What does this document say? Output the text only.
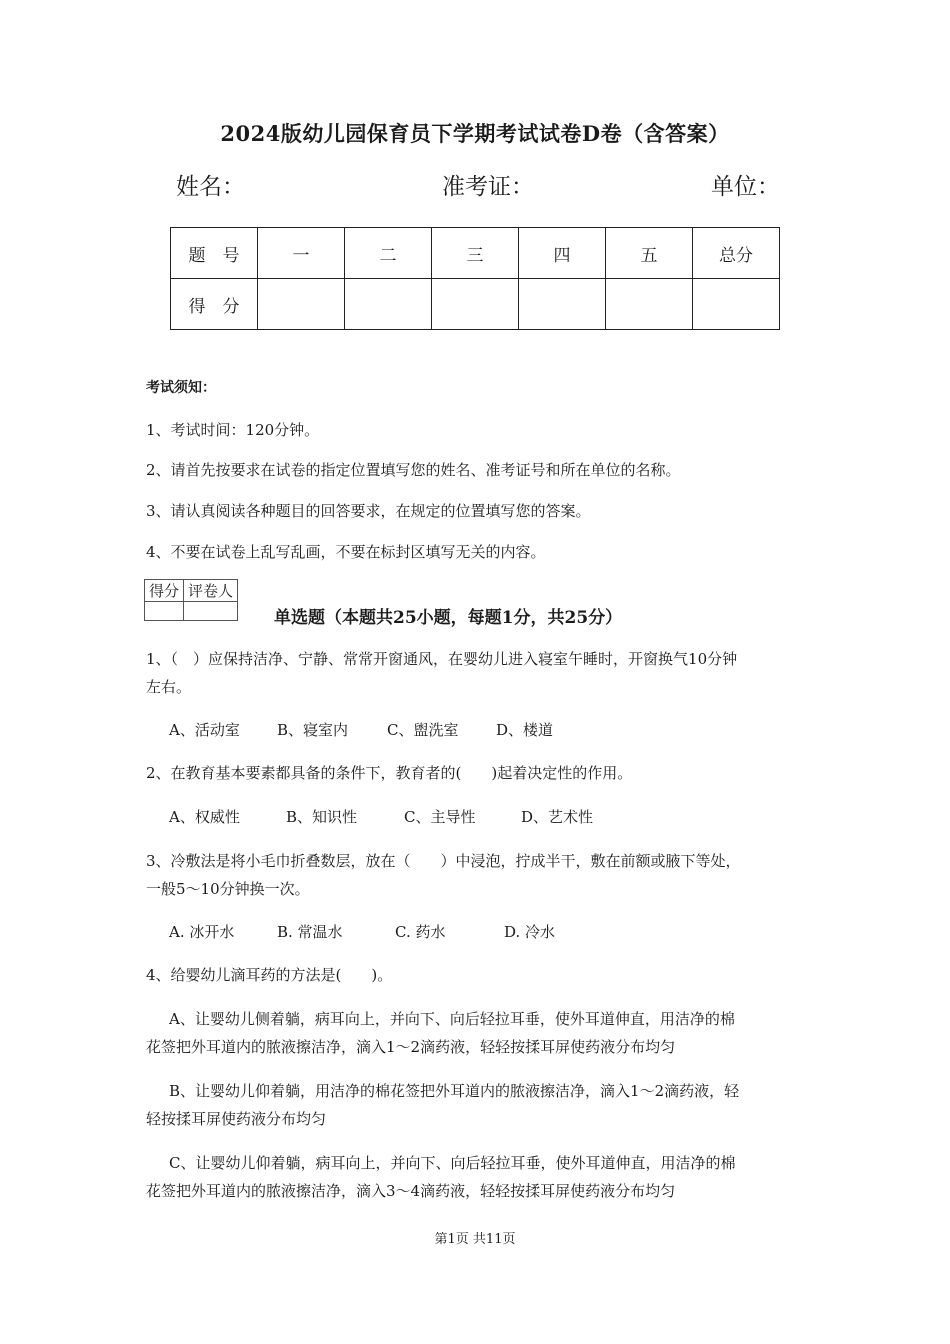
2024版幼儿园保育员下学期考试试卷D卷（含答案）
姓名：	准考证：	单位：
题　号	一	二	三	四	五	总分
得　分						
考试须知：
1、考试时间：120分钟。
2、请首先按要求在试卷的指定位置填写您的姓名、准考证号和所在单位的名称。
3、请认真阅读各种题目的回答要求，在规定的位置填写您的答案。
4、不要在试卷上乱写乱画，不要在标封区填写无关的内容。
得分	评卷人

单选题（本题共25小题，每题1分，共25分）
1、（　）应保持洁净、宁静、常常开窗通风，在婴幼儿进入寝室午睡时，开窗换气10分钟
左右。
A、活动室 B、寝室内	C、盥洗室	D、楼道
2、在教育基本要素都具备的条件下，教育者的(　　)起着决定性的作用。
A、权威性	B、知识性	C、主导性	D、艺术性
3、冷敷法是将小毛巾折叠数层，放在（　　）中浸泡，拧成半干，敷在前额或腋下等处，
一般5～10分钟换一次。
A. 冰开水	B. 常温水	C. 药水	D. 冷水
4、给婴幼儿滴耳药的方法是(　　)。
A、让婴幼儿侧着躺，病耳向上，并向下、向后轻拉耳垂，使外耳道伸直，用洁净的棉
花签把外耳道内的脓液擦洁净，滴入1～2滴药液，轻轻按揉耳屏使药液分布均匀
B、让婴幼儿仰着躺，用洁净的棉花签把外耳道内的脓液擦洁净，滴入1～2滴药液，轻
轻按揉耳屏使药液分布均匀
C、让婴幼儿仰着躺，病耳向上，并向下、向后轻拉耳垂，使外耳道伸直，用洁净的棉
花签把外耳道内的脓液擦洁净，滴入3～4滴药液，轻轻按揉耳屏使药液分布均匀
第1页 共11页
